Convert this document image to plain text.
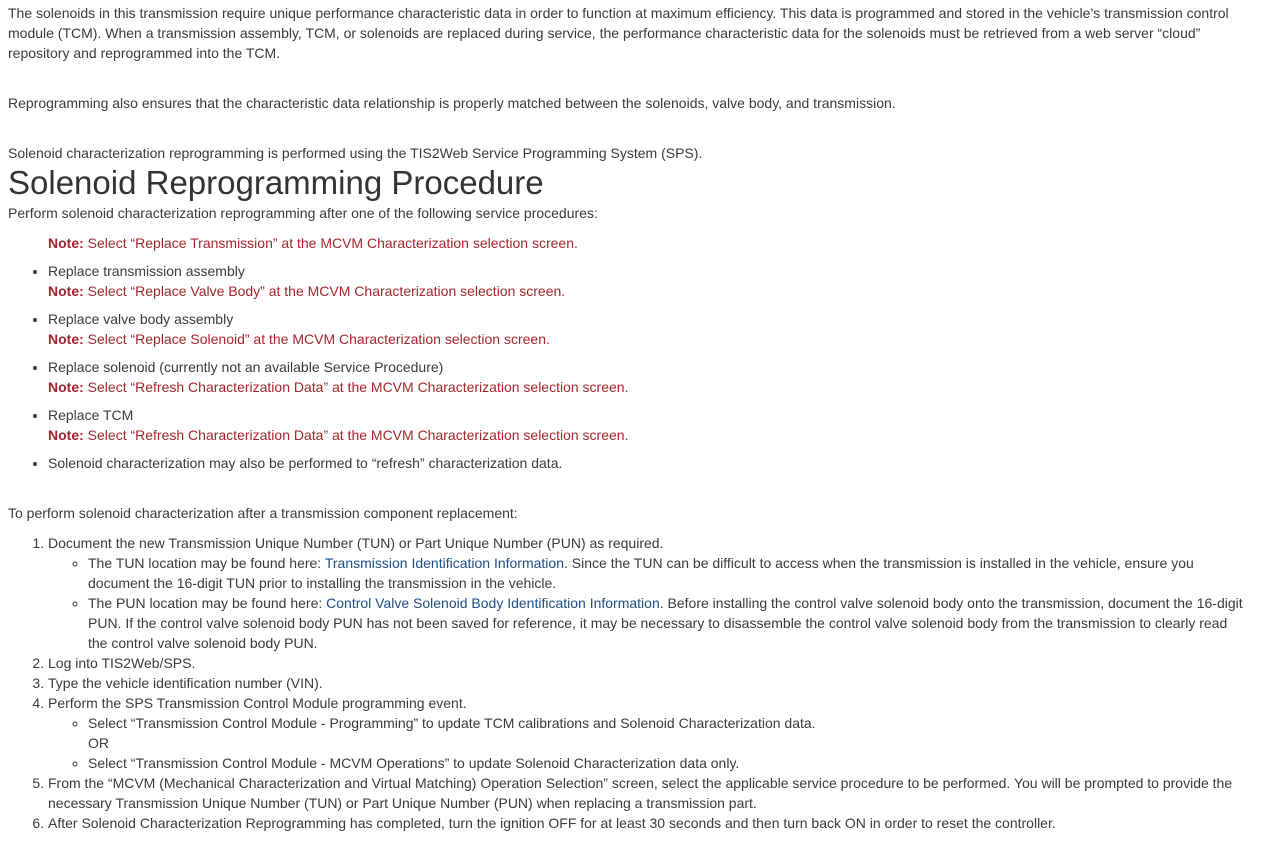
The solenoids in this transmission require unique performance characteristic data in order to function at maximum efficiency. This data is programmed and stored in the vehicle’s transmission control module (TCM). When a transmission assembly, TCM, or solenoids are replaced during service, the performance characteristic data for the solenoids must be retrieved from a web server “cloud” repository and reprogrammed into the TCM.

Reprogramming also ensures that the characteristic data relationship is properly matched between the solenoids, valve body, and transmission.

Solenoid characterization reprogramming is performed using the TIS2Web Service Programming System (SPS).

Solenoid Reprogramming Procedure

Perform solenoid characterization reprogramming after one of the following service procedures:

Note: Select “Replace Transmission” at the MCVM Characterization selection screen.

• Replace transmission assembly
Note: Select “Replace Valve Body” at the MCVM Characterization selection screen.
• Replace valve body assembly
Note: Select “Replace Solenoid” at the MCVM Characterization selection screen.
• Replace solenoid (currently not an available Service Procedure)
Note: Select “Refresh Characterization Data” at the MCVM Characterization selection screen.
• Replace TCM
Note: Select “Refresh Characterization Data” at the MCVM Characterization selection screen.
• Solenoid characterization may also be performed to “refresh” characterization data.

To perform solenoid characterization after a transmission component replacement:

1. Document the new Transmission Unique Number (TUN) or Part Unique Number (PUN) as required.
◦ The TUN location may be found here: Transmission Identification Information. Since the TUN can be difficult to access when the transmission is installed in the vehicle, ensure you document the 16-digit TUN prior to installing the transmission in the vehicle.
◦ The PUN location may be found here: Control Valve Solenoid Body Identification Information. Before installing the control valve solenoid body onto the transmission, document the 16-digit PUN. If the control valve solenoid body PUN has not been saved for reference, it may be necessary to disassemble the control valve solenoid body from the transmission to clearly read the control valve solenoid body PUN.
2. Log into TIS2Web/SPS.
3. Type the vehicle identification number (VIN).
4. Perform the SPS Transmission Control Module programming event.
◦ Select “Transmission Control Module - Programming” to update TCM calibrations and Solenoid Characterization data.
OR
◦ Select “Transmission Control Module - MCVM Operations” to update Solenoid Characterization data only.
5. From the “MCVM (Mechanical Characterization and Virtual Matching) Operation Selection” screen, select the applicable service procedure to be performed. You will be prompted to provide the necessary Transmission Unique Number (TUN) or Part Unique Number (PUN) when replacing a transmission part.
6. After Solenoid Characterization Reprogramming has completed, turn the ignition OFF for at least 30 seconds and then turn back ON in order to reset the controller.
